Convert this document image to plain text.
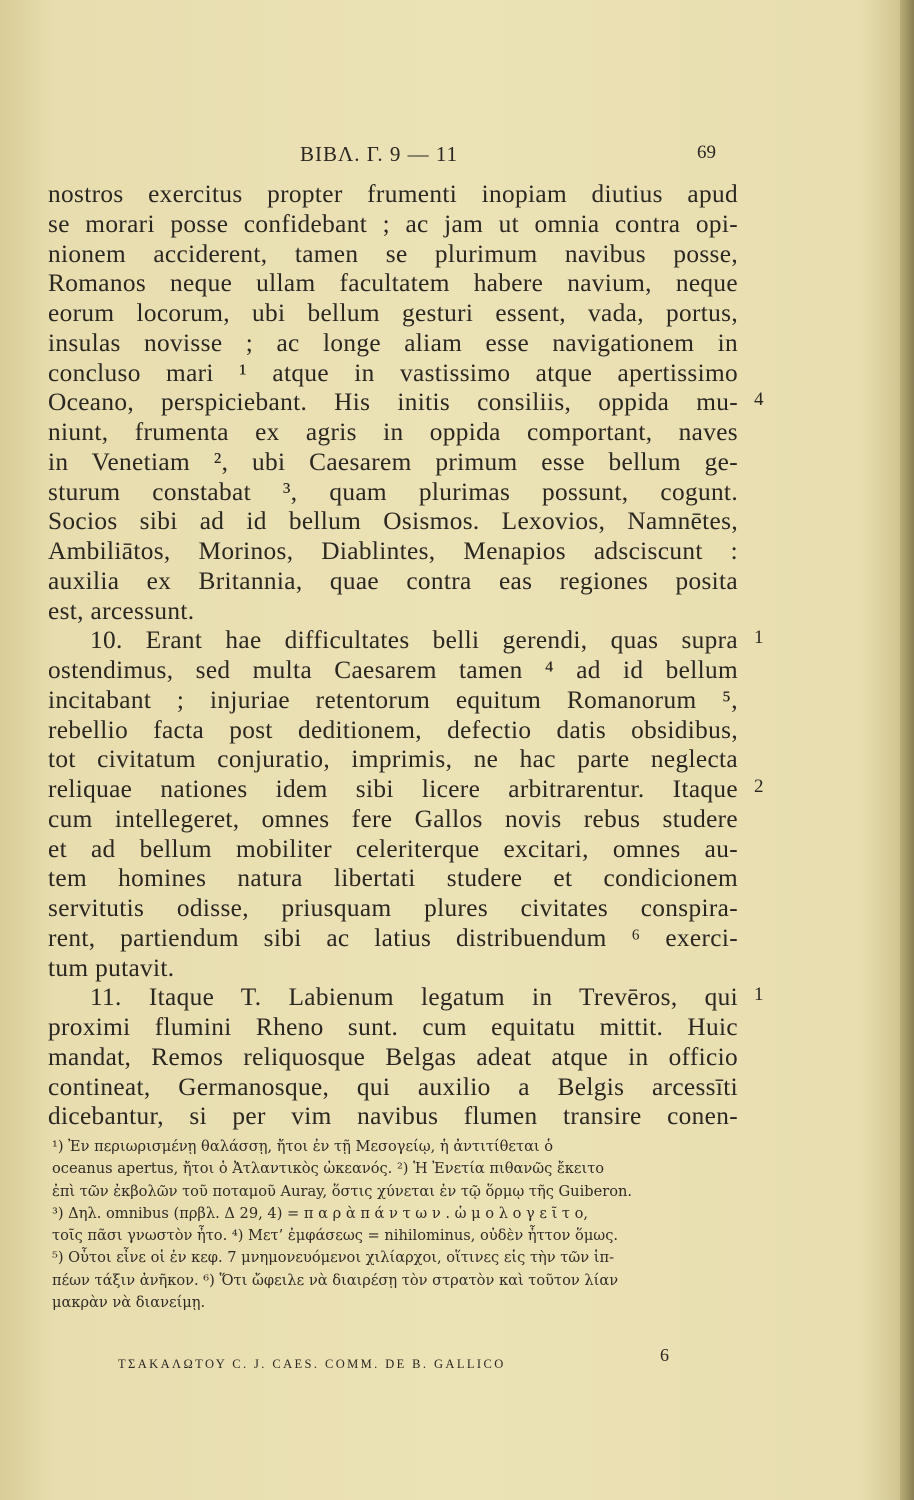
ΒΙΒΛ. Γ. 9 — 11	69
nostros exercitus propter frumenti inopiam diutius apud
se morari posse confidebant ; ac jam ut omnia contra opi-
nionem acciderent, tamen se plurimum navibus posse,
Romanos neque ullam facultatem habere navium, neque
eorum locorum, ubi bellum gesturi essent, vada, portus,
insulas novisse ; ac longe aliam esse navigationem in
concluso mari ¹ atque in vastissimo atque apertissimo
Oceano, perspiciebant. His initis consiliis, oppida mu-
niunt, frumenta ex agris in oppida comportant, naves
in Venetiam ², ubi Caesarem primum esse bellum ge-
sturum constabat ³, quam plurimas possunt, cogunt.
Socios sibi ad id bellum Osismos. Lexovios, Namnētes,
Ambiliātos, Morinos, Diablintes, Menapios adsciscunt :
auxilia ex Britannia, quae contra eas regiones posita
est, arcessunt.
10. Erant hae difficultates belli gerendi, quas supra
ostendimus, sed multa Caesarem tamen ⁴ ad id bellum
incitabant ; injuriae retentorum equitum Romanorum ⁵,
rebellio facta post deditionem, defectio datis obsidibus,
tot civitatum conjuratio, imprimis, ne hac parte neglecta
reliquae nationes idem sibi licere arbitrarentur. Itaque
cum intellegeret, omnes fere Gallos novis rebus studere
et ad bellum mobiliter celeriterque excitari, omnes au-
tem homines natura libertati studere et condicionem
servitutis odisse, priusquam plures civitates conspira-
rent, partiendum sibi ac latius distribuendum ⁶ exerci-
tum putavit.
11. Itaque T. Labienum legatum in Trevēros, qui
proximi flumini Rheno sunt. cum equitatu mittit. Huic
mandat, Remos reliquosque Belgas adeat atque in officio
contineat, Germanosque, qui auxilio a Belgis arcessīti
dicebantur, si per vim navibus flumen transire conen-
4
1
2
1
¹) Ἐν περιωρισμένῃ θαλάσσῃ, ἤτοι ἐν τῇ Μεσογείῳ, ἡ ἀντιτίθεται ὁ
oceanus apertus, ἤτοι ὁ Ἀτλαντικὸς ὠκεανός. ²) Ἡ Ἐνετία πιθανῶς ἔκειτο
ἐπὶ τῶν ἐκβολῶν τοῦ ποταμοῦ Auray, ὅστις χύνεται ἐν τῷ ὅρμῳ τῆς Guiberon.
³) Δηλ. omnibus (πρβλ. Δ 29, 4) = π α ρ ὰ π ά ν τ ω ν . ὡ μ ο λ ο γ ε ῖ τ ο,
τοῖς πᾶσι γνωστὸν ἦτο. ⁴) Μετ’ ἐμφάσεως = nihilominus, οὐδὲν ἧττον ὅμως.
⁵) Οὗτοι εἶνε οἱ ἐν κεφ. 7 μνημονευόμενοι χιλίαρχοι, οἵτινες εἰς τὴν τῶν ἱπ-
πέων τάξιν ἀνῆκον. ⁶) Ὅτι ὤφειλε νὰ διαιρέσῃ τὸν στρατὸν καὶ τοῦτον λίαν
μακρὰν νὰ διανείμῃ.
ΤΣΑΚΑΛΩΤΟΥ C. J. CAES. COMM. DE B. GALLICO	6
